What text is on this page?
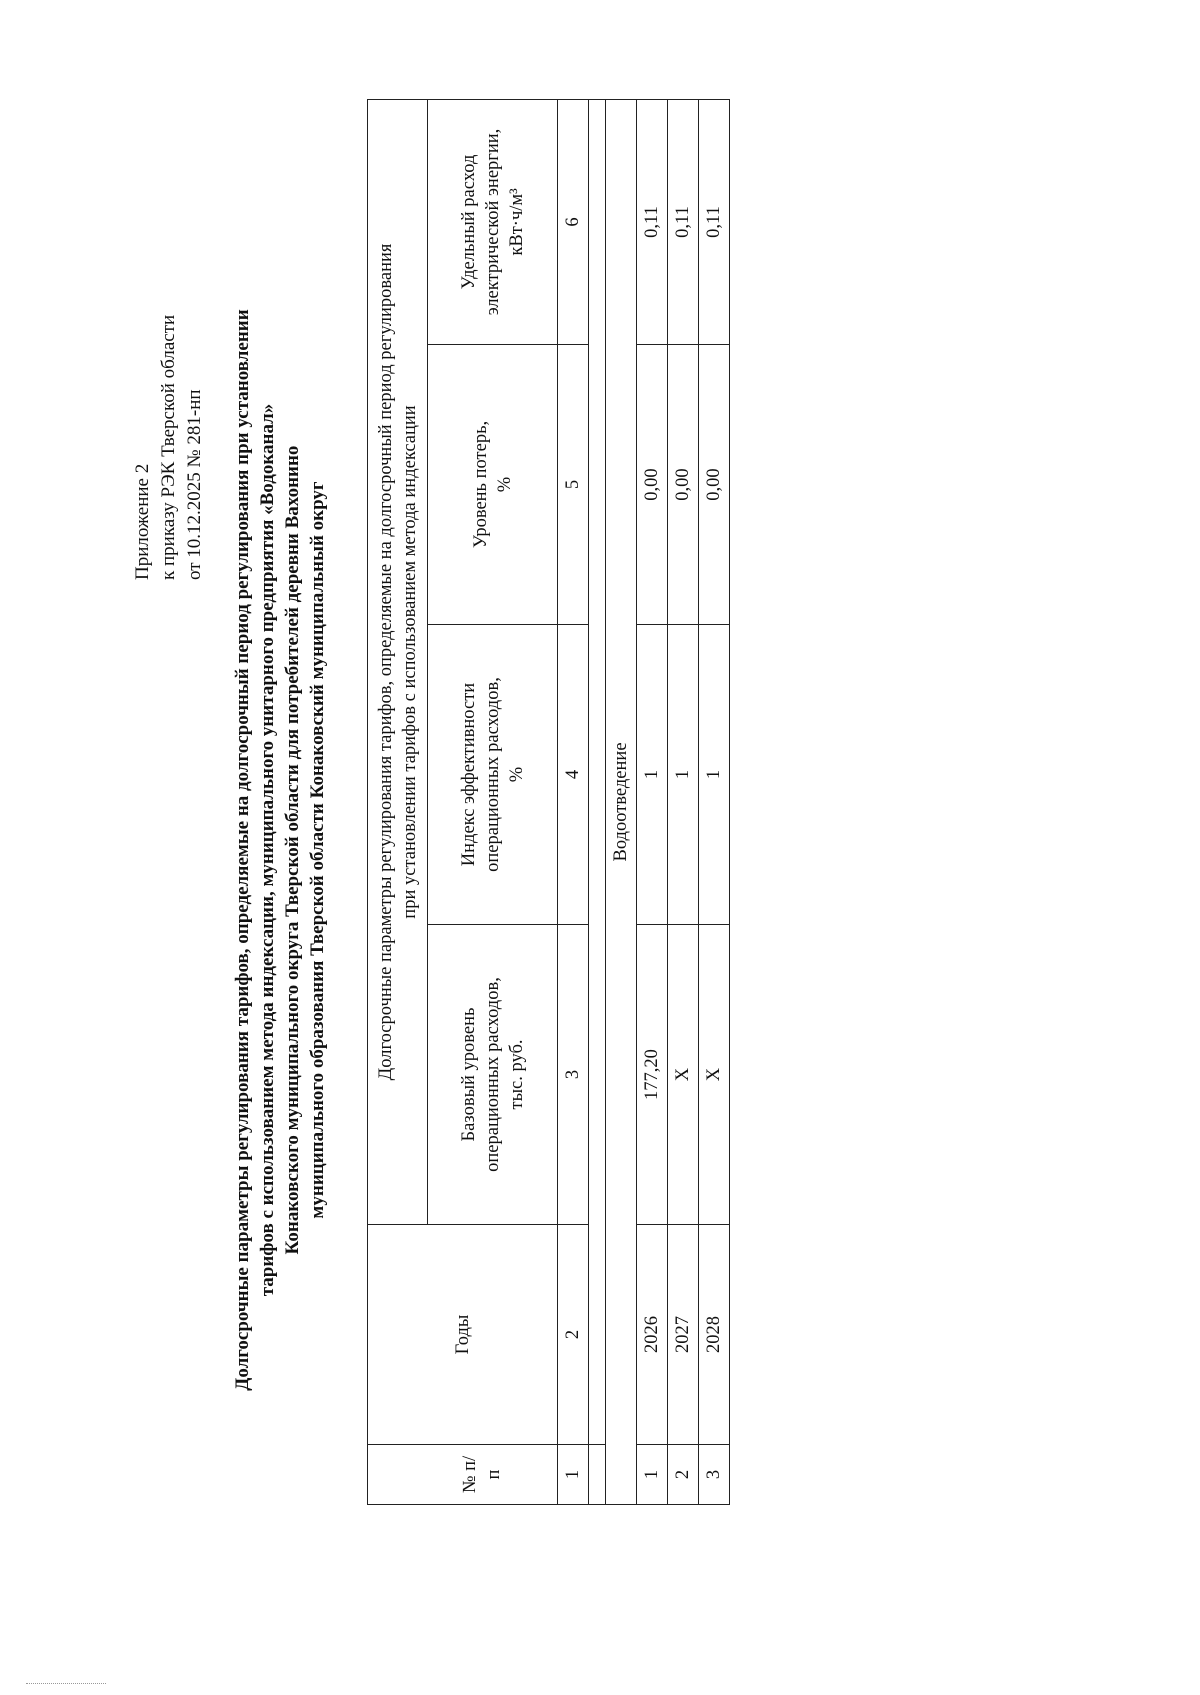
Приложение 2 к приказу РЭК Тверской области от 10.12.2025 № 281-нп Долгосрочные параметры регулирования тарифов, определяемые на долгосрочный период регулирования при установлении тарифов с использованием метода индексации, муниципального унитарного предприятия «Водоканал» Конаковского муниципального округа Тверской области для потребителей деревни Вахонино муниципального образования Тверской области Конаковский муниципальный округ
№ п/п	Годы	Долгосрочные параметры регулирования тарифов, определяемые на долгосрочный период регулирования при установлении тарифов с использованием метода индексации			

		Базовый уровень операционных расходов, тыс. руб.	Индекс эффективности операционных расходов, %	Уровень потерь, %	Удельный расход электрической энергии, кВт·ч/м³

1	2	3	4	5	6

Водоотведение					
1	2026	177,20	1	0,00	0,11
2	2027	Х	1	0,00	0,11
3	2028	Х	1	0,00	0,11
